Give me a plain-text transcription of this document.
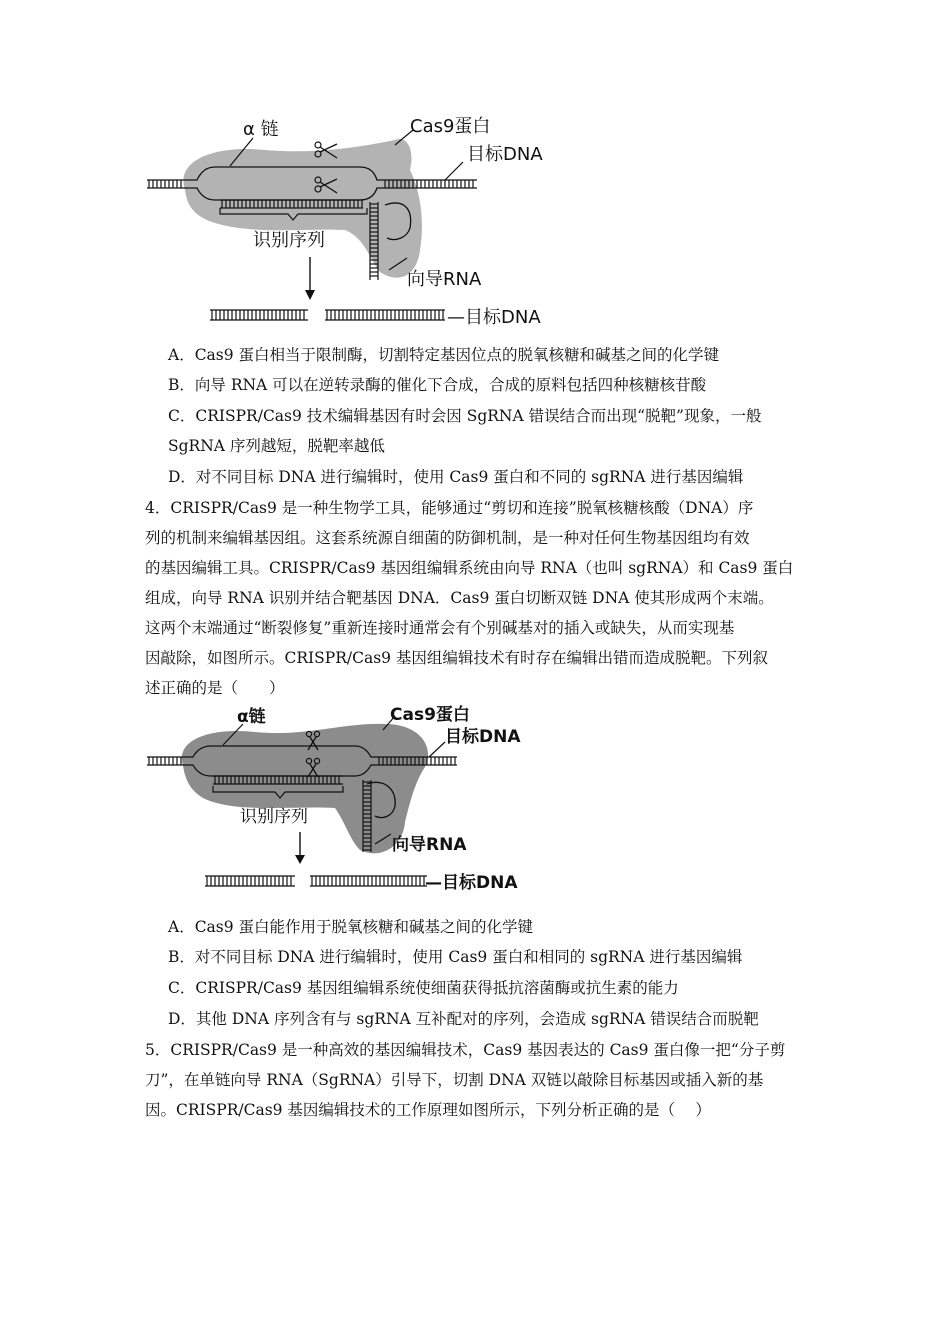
α 链	Cas9蛋白
目标DNA
识别序列
向导RNA
—目标DNA
A．Cas9 蛋白相当于限制酶，切割特定基因位点的脱氧核糖和碱基之间的化学键
B．向导 RNA 可以在逆转录酶的催化下合成，合成的原料包括四种核糖核苷酸
C．CRISPR/Cas9 技术编辑基因有时会因 SgRNA 错误结合而出现“脱靶”现象，一般
SgRNA 序列越短，脱靶率越低
D．对不同目标 DNA 进行编辑时，使用 Cas9 蛋白和不同的 sgRNA 进行基因编辑
4．CRISPR/Cas9 是一种生物学工具，能够通过“剪切和连接”脱氧核糖核酸（DNA）序
列的机制来编辑基因组。这套系统源自细菌的防御机制，是一种对任何生物基因组均有效
的基因编辑工具。CRISPR/Cas9 基因组编辑系统由向导 RNA（也叫 sgRNA）和 Cas9 蛋白
组成，向导 RNA 识别并结合靶基因 DNA．Cas9 蛋白切断双链 DNA 使其形成两个末端。
这两个末端通过“断裂修复”重新连接时通常会有个别碱基对的插入或缺失，从而实现基
因敲除，如图所示。CRISPR/Cas9 基因组编辑技术有时存在编辑出错而造成脱靶。下列叙
述正确的是（　　）
α链	Cas9蛋白
目标DNA
识别序列
向导RNA
—目标DNA
A．Cas9 蛋白能作用于脱氧核糖和碱基之间的化学键
B．对不同目标 DNA 进行编辑时，使用 Cas9 蛋白和相同的 sgRNA 进行基因编辑
C．CRISPR/Cas9 基因组编辑系统使细菌获得抵抗溶菌酶或抗生素的能力
D．其他 DNA 序列含有与 sgRNA 互补配对的序列，会造成 sgRNA 错误结合而脱靶
5．CRISPR/Cas9 是一种高效的基因编辑技术，Cas9 基因表达的 Cas9 蛋白像一把“分子剪
刀”，在单链向导 RNA（SgRNA）引导下，切割 DNA 双链以敲除目标基因或插入新的基
因。CRISPR/Cas9 基因编辑技术的工作原理如图所示，下列分析正确的是（　 ）
